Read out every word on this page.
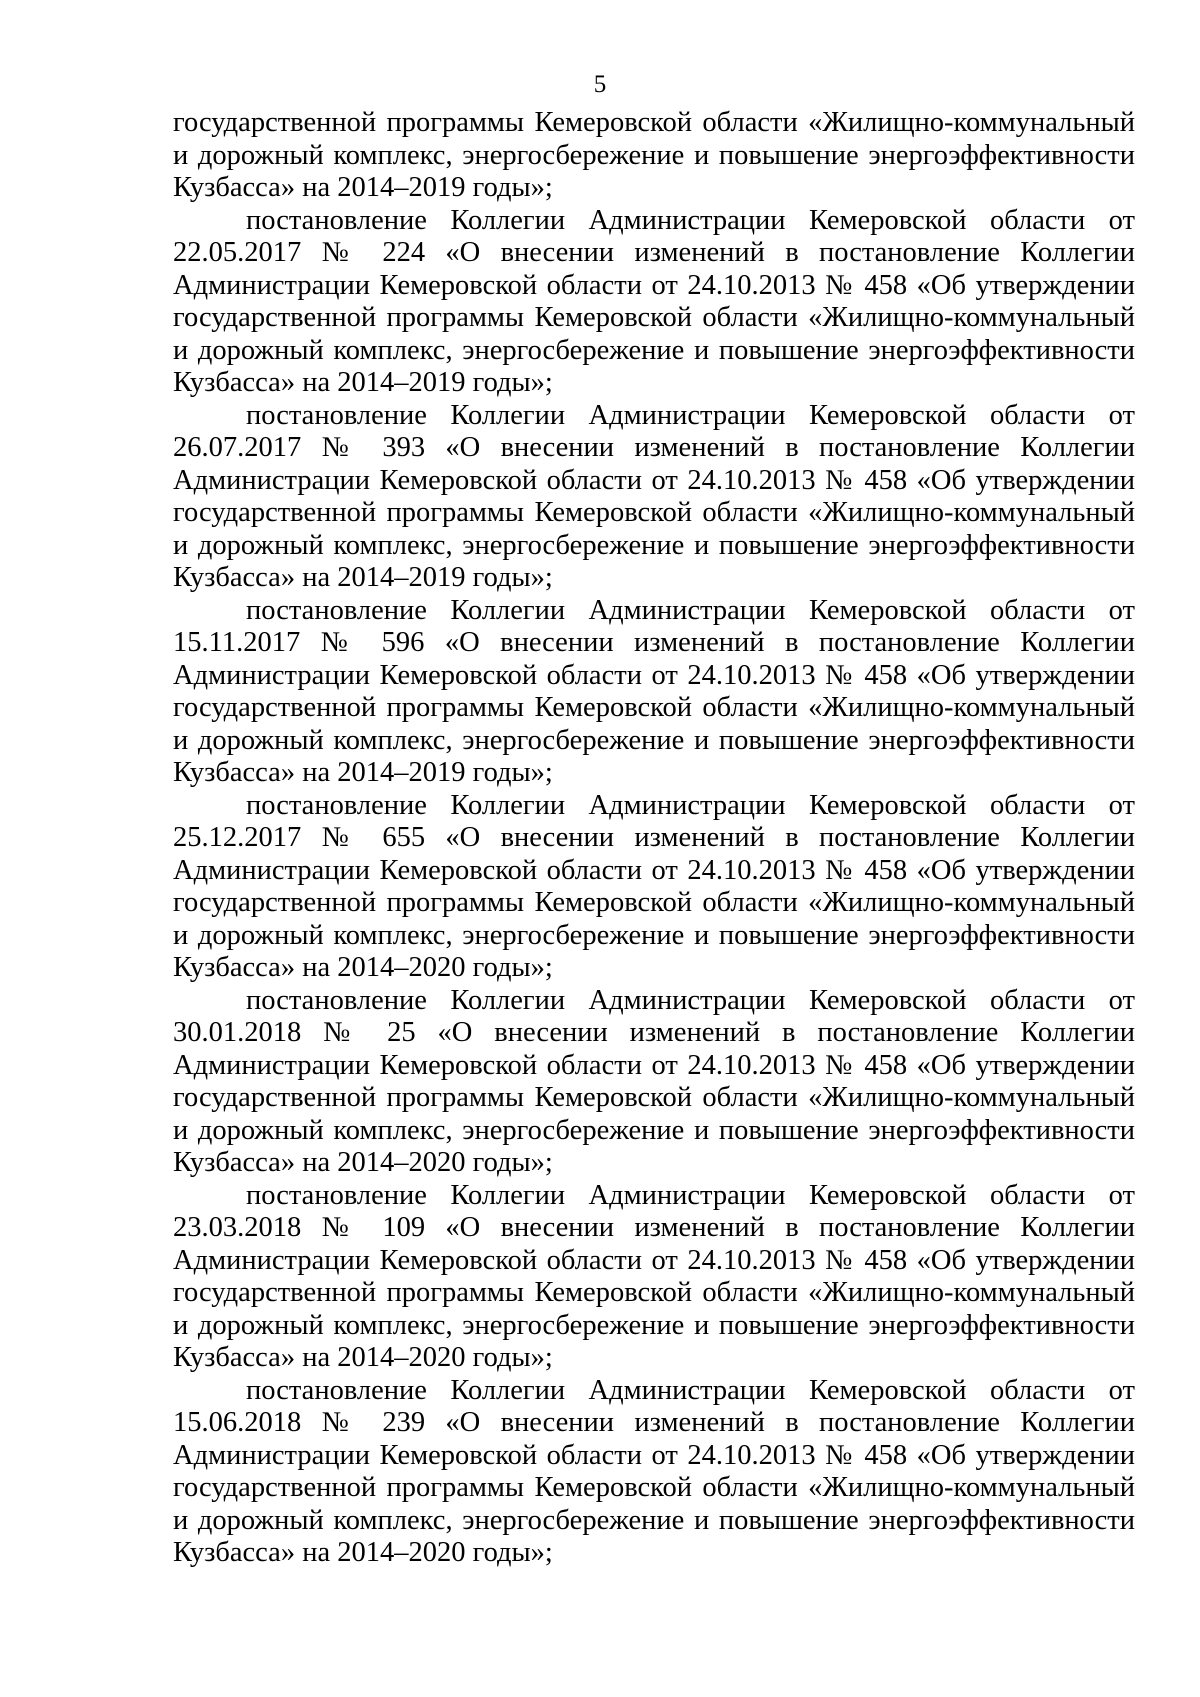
5

государственной программы Кемеровской области «Жилищно-коммунальный и дорожный комплекс, энергосбережение и повышение энергоэффективности Кузбасса» на 2014–2019 годы»;

постановление Коллегии Администрации Кемеровской области от 22.05.2017 № 224 «О внесении изменений в постановление Коллегии Администрации Кемеровской области от 24.10.2013 № 458 «Об утверждении государственной программы Кемеровской области «Жилищно-коммунальный и дорожный комплекс, энергосбережение и повышение энергоэффективности Кузбасса» на 2014–2019 годы»;

постановление Коллегии Администрации Кемеровской области от 26.07.2017 № 393 «О внесении изменений в постановление Коллегии Администрации Кемеровской области от 24.10.2013 № 458 «Об утверждении государственной программы Кемеровской области «Жилищно-коммунальный и дорожный комплекс, энергосбережение и повышение энергоэффективности Кузбасса» на 2014–2019 годы»;

постановление Коллегии Администрации Кемеровской области от 15.11.2017 № 596 «О внесении изменений в постановление Коллегии Администрации Кемеровской области от 24.10.2013 № 458 «Об утверждении государственной программы Кемеровской области «Жилищно-коммунальный и дорожный комплекс, энергосбережение и повышение энергоэффективности Кузбасса» на 2014–2019 годы»;

постановление Коллегии Администрации Кемеровской области от 25.12.2017 № 655 «О внесении изменений в постановление Коллегии Администрации Кемеровской области от 24.10.2013 № 458 «Об утверждении государственной программы Кемеровской области «Жилищно-коммунальный и дорожный комплекс, энергосбережение и повышение энергоэффективности Кузбасса» на 2014–2020 годы»;

постановление Коллегии Администрации Кемеровской области от 30.01.2018 № 25 «О внесении изменений в постановление Коллегии Администрации Кемеровской области от 24.10.2013 № 458 «Об утверждении государственной программы Кемеровской области «Жилищно-коммунальный и дорожный комплекс, энергосбережение и повышение энергоэффективности Кузбасса» на 2014–2020 годы»;

постановление Коллегии Администрации Кемеровской области от 23.03.2018 № 109 «О внесении изменений в постановление Коллегии Администрации Кемеровской области от 24.10.2013 № 458 «Об утверждении государственной программы Кемеровской области «Жилищно-коммунальный и дорожный комплекс, энергосбережение и повышение энергоэффективности Кузбасса» на 2014–2020 годы»;

постановление Коллегии Администрации Кемеровской области от 15.06.2018 № 239 «О внесении изменений в постановление Коллегии Администрации Кемеровской области от 24.10.2013 № 458 «Об утверждении государственной программы Кемеровской области «Жилищно-коммунальный и дорожный комплекс, энергосбережение и повышение энергоэффективности Кузбасса» на 2014–2020 годы»;
